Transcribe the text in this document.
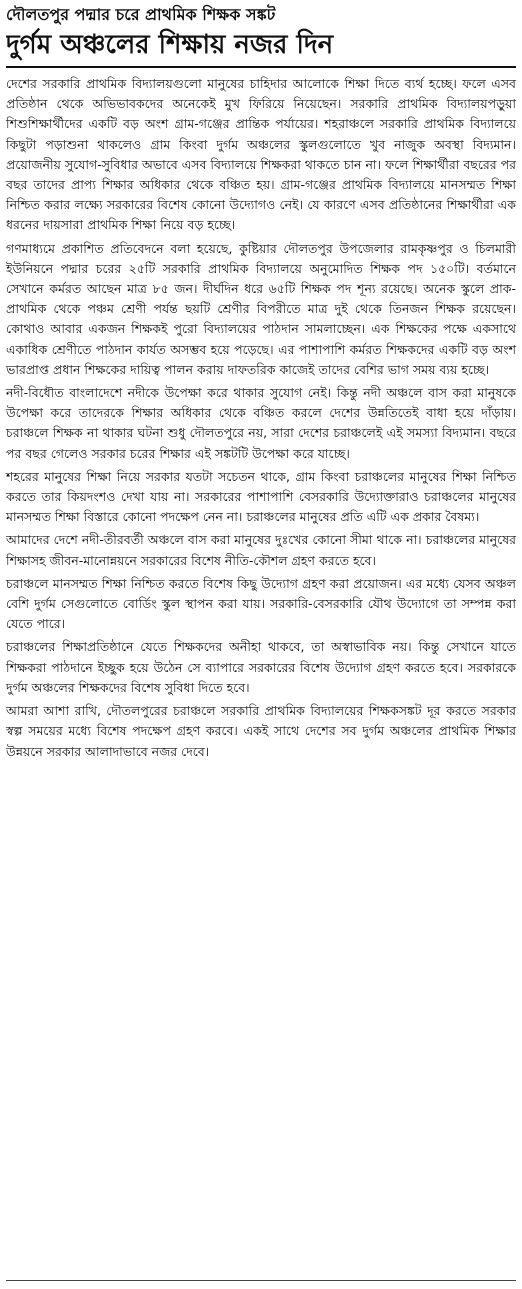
দৌলতপুর পদ্মার চরে প্রাথমিক শিক্ষক সঙ্কট
দুর্গম অঞ্চলের শিক্ষায় নজর দিন

দেশের সরকারি প্রাথমিক বিদ্যালয়গুলো মানুষের চাহিদার আলোকে শিক্ষা দিতে ব্যর্থ হচ্ছে। ফলে এসব প্রতিষ্ঠান থেকে অভিভাবকদের অনেকেই মুখ ফিরিয়ে নিয়েছেন। সরকারি প্রাথমিক বিদ্যালয়পড়ুয়া শিশুশিক্ষার্থীদের একটি বড় অংশ গ্রাম-গঞ্জের প্রান্তিক পর্যায়ের। শহরাঞ্চলে সরকারি প্রাথমিক বিদ্যালয়ে কিছুটা পড়াশুনা থাকলেও গ্রাম কিংবা দুর্গম অঞ্চলের স্কুলগুলোতে খুব নাজুক অবস্থা বিদ্যমান। প্রয়োজনীয় সুযোগ-সুবিধার অভাবে এসব বিদ্যালয়ে শিক্ষকরা থাকতে চান না। ফলে শিক্ষার্থীরা বছরের পর বছর তাদের প্রাপ্য শিক্ষার অধিকার থেকে বঞ্চিত হয়। গ্রাম-গঞ্জের প্রাথমিক বিদ্যালয়ে মানসম্মত শিক্ষা নিশ্চিত করার লক্ষ্যে সরকারের বিশেষ কোনো উদ্যোগও নেই। যে কারণে এসব প্রতিষ্ঠানের শিক্ষার্থীরা এক ধরনের দায়সারা প্রাথমিক শিক্ষা নিয়ে বড় হচ্ছে।

গণমাধ্যমে প্রকাশিত প্রতিবেদনে বলা হয়েছে, কুষ্টিয়ার দৌলতপুর উপজেলার রামকৃষ্ণপুর ও চিলমারী ইউনিয়নে পদ্মার চরের ২৫টি সরকারি প্রাথমিক বিদ্যালয়ে অনুমোদিত শিক্ষক পদ ১৫০টি। বর্তমানে সেখানে কর্মরত আছেন মাত্র ৮৫ জন। দীর্ঘদিন ধরে ৬৫টি শিক্ষক পদ শূন্য রয়েছে। অনেক স্কুলে প্রাক-প্রাথমিক থেকে পঞ্চম শ্রেণী পর্যন্ত ছয়টি শ্রেণীর বিপরীতে মাত্র দুই থেকে তিনজন শিক্ষক রয়েছেন। কোথাও আবার একজন শিক্ষকই পুরো বিদ্যালয়ের পাঠদান সামলাচ্ছেন। এক শিক্ষকের পক্ষে একসাথে একাধিক শ্রেণীতে পাঠদান কার্যত অসম্ভব হয়ে পড়েছে। এর পাশাপাশি কর্মরত শিক্ষকদের একটি বড় অংশ ভারপ্রাপ্ত প্রধান শিক্ষকের দায়িত্ব পালন করায় দাফতরিক কাজেই তাদের বেশির ভাগ সময় ব্যয় হচ্ছে।

নদী-বিধৌত বাংলাদেশে নদীকে উপেক্ষা করে থাকার সুযোগ নেই। কিন্তু নদী অঞ্চলে বাস করা মানুষকে উপেক্ষা করে তাদেরকে শিক্ষার অধিকার থেকে বঞ্চিত করলে দেশের উন্নতিতেই বাধা হয়ে দাঁড়ায়। চরাঞ্চলে শিক্ষক না থাকার ঘটনা শুধু দৌলতপুরে নয়, সারা দেশের চরাঞ্চলেই এই সমস্যা বিদ্যমান। বছরে পর বছর গেলেও সরকার চরের শিক্ষার এই সঙ্কটটি উপেক্ষা করে যাচ্ছে।

শহরের মানুষের শিক্ষা নিয়ে সরকার যতটা সচেতন থাকে, গ্রাম কিংবা চরাঞ্চলের মানুষের শিক্ষা নিশ্চিত করতে তার কিয়দংশও দেখা যায় না। সরকারের পাশাপাশি বেসরকারি উদ্যোক্তারাও চরাঞ্চলের মানুষের মানসম্মত শিক্ষা বিস্তারে কোনো পদক্ষেপ নেন না। চরাঞ্চলের মানুষের প্রতি এটি এক প্রকার বৈষম্য।

আমাদের দেশে নদী-তীরবর্তী অঞ্চলে বাস করা মানুষের দুঃখের কোনো সীমা থাকে না। চরাঞ্চলের মানুষের শিক্ষাসহ জীবন-মানোন্নয়নে সরকারের বিশেষ নীতি-কৌশল গ্রহণ করতে হবে।

চরাঞ্চলে মানসম্মত শিক্ষা নিশ্চিত করতে বিশেষ কিছু উদ্যোগ গ্রহণ করা প্রয়োজন। এর মধ্যে যেসব অঞ্চল বেশি দুর্গম সেগুলোতে বোর্ডিং স্কুল স্থাপন করা যায়। সরকারি-বেসরকারি যৌথ উদ্যোগে তা সম্পন্ন করা যেতে পারে।

চরাঞ্চলের শিক্ষাপ্রতিষ্ঠানে যেতে শিক্ষকদের অনীহা থাকবে, তা অস্বাভাবিক নয়। কিন্তু সেখানে যাতে শিক্ষকরা পাঠদানে ইচ্ছুক হয়ে উঠেন সে ব্যাপারে সরকারের বিশেষ উদ্যোগ গ্রহণ করতে হবে। সরকারকে দুর্গম অঞ্চলের শিক্ষকদের বিশেষ সুবিধা দিতে হবে।

আমরা আশা রাখি, দৌতলপুরের চরাঞ্চলে সরকারি প্রাথমিক বিদ্যালয়ের শিক্ষকসঙ্কট দূর করতে সরকার স্বল্প সময়ের মধ্যে বিশেষ পদক্ষেপ গ্রহণ করবে। একই সাথে দেশের সব দুর্গম অঞ্চলের প্রাথমিক শিক্ষার উন্নয়নে সরকার আলাদাভাবে নজর দেবে।
